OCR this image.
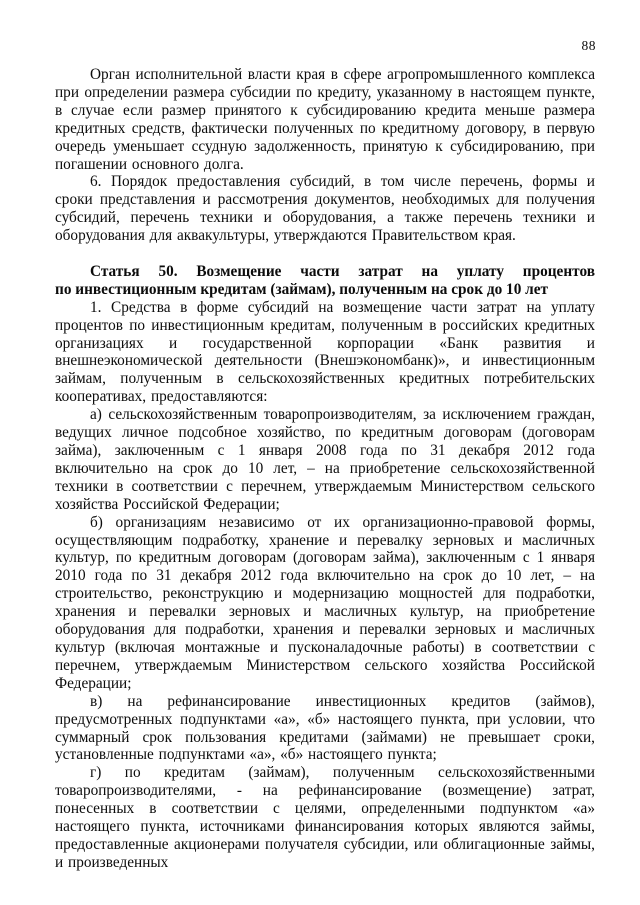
88

Орган исполнительной власти края в сфере агропромышленного комплекса при определении размера субсидии по кредиту, указанному в настоящем пункте, в случае если размер принятого к субсидированию кредита меньше размера кредитных средств, фактически полученных по кредитному договору, в первую очередь уменьшает ссудную задолженность, принятую к субсидированию, при погашении основного долга.

6. Порядок предоставления субсидий, в том числе перечень, формы и сроки представления и рассмотрения документов, необходимых для получения субсидий, перечень техники и оборудования, а также перечень техники и оборудования для аквакультуры, утверждаются Правительством края.

Статья 50. Возмещение части затрат на уплату процентов
по инвестиционным кредитам (займам), полученным на срок до 10 лет

1. Средства в форме субсидий на возмещение части затрат на уплату процентов по инвестиционным кредитам, полученным в российских кредитных организациях и государственной корпорации «Банк развития и внешнеэкономической деятельности (Внешэкономбанк)», и инвестиционным займам, полученным в сельскохозяйственных кредитных потребительских кооперативах, предоставляются:

а) сельскохозяйственным товаропроизводителям, за исключением граждан, ведущих личное подсобное хозяйство, по кредитным договорам (договорам займа), заключенным с 1 января 2008 года по 31 декабря 2012 года включительно на срок до 10 лет, – на приобретение сельскохозяйственной техники в соответствии с перечнем, утверждаемым Министерством сельского хозяйства Российской Федерации;

б) организациям независимо от их организационно-правовой формы, осуществляющим подработку, хранение и перевалку зерновых и масличных культур, по кредитным договорам (договорам займа), заключенным с 1 января 2010 года по 31 декабря 2012 года включительно на срок до 10 лет, – на строительство, реконструкцию и модернизацию мощностей для подработки, хранения и перевалки зерновых и масличных культур, на приобретение оборудования для подработки, хранения и перевалки зерновых и масличных культур (включая монтажные и пусконаладочные работы) в соответствии с перечнем, утверждаемым Министерством сельского хозяйства Российской Федерации;

в) на рефинансирование инвестиционных кредитов (займов), предусмотренных подпунктами «а», «б» настоящего пункта, при условии, что суммарный срок пользования кредитами (займами) не превышает сроки, установленные подпунктами «а», «б» настоящего пункта;

г) по кредитам (займам), полученным сельскохозяйственными товаропроизводителями, - на рефинансирование (возмещение) затрат, понесенных в соответствии с целями, определенными подпунктом «а» настоящего пункта, источниками финансирования которых являются займы, предоставленные акционерами получателя субсидии, или облигационные займы, и произведенных
